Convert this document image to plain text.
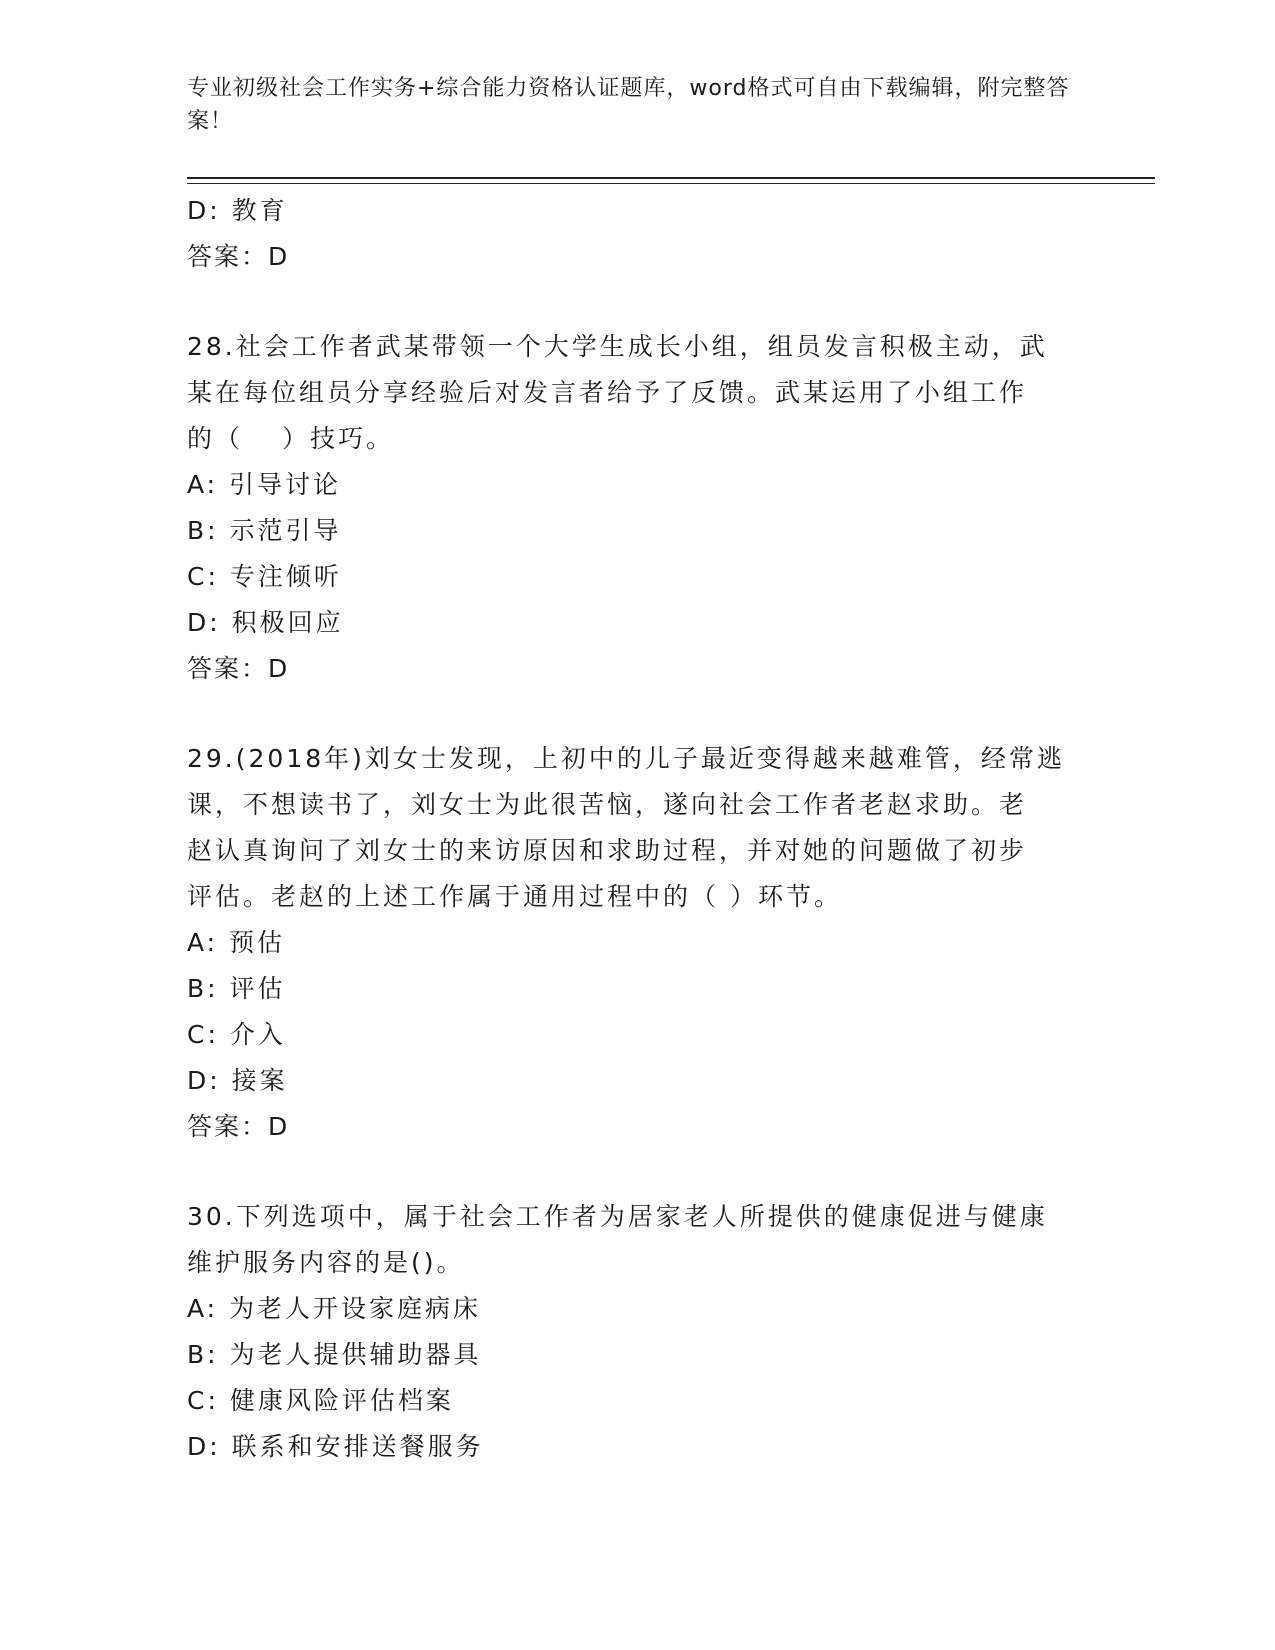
专业初级社会工作实务+综合能力资格认证题库，word格式可自由下载编辑，附完整答案！
D: 教育
答案：D
28.社会工作者武某带领一个大学生成长小组，组员发言积极主动，武
某在每位组员分享经验后对发言者给予了反馈。武某运用了小组工作
的（　 ）技巧。
A: 引导讨论
B: 示范引导
C: 专注倾听
D: 积极回应
答案：D
29.(2018年)刘女士发现，上初中的儿子最近变得越来越难管，经常逃
课，不想读书了，刘女士为此很苦恼，遂向社会工作者老赵求助。老
赵认真询问了刘女士的来访原因和求助过程，并对她的问题做了初步
评估。老赵的上述工作属于通用过程中的（ ）环节。
A: 预估
B: 评估
C: 介入
D: 接案
答案：D
30.下列选项中，属于社会工作者为居家老人所提供的健康促进与健康
维护服务内容的是()。
A: 为老人开设家庭病床
B: 为老人提供辅助器具
C: 健康风险评估档案
D: 联系和安排送餐服务
